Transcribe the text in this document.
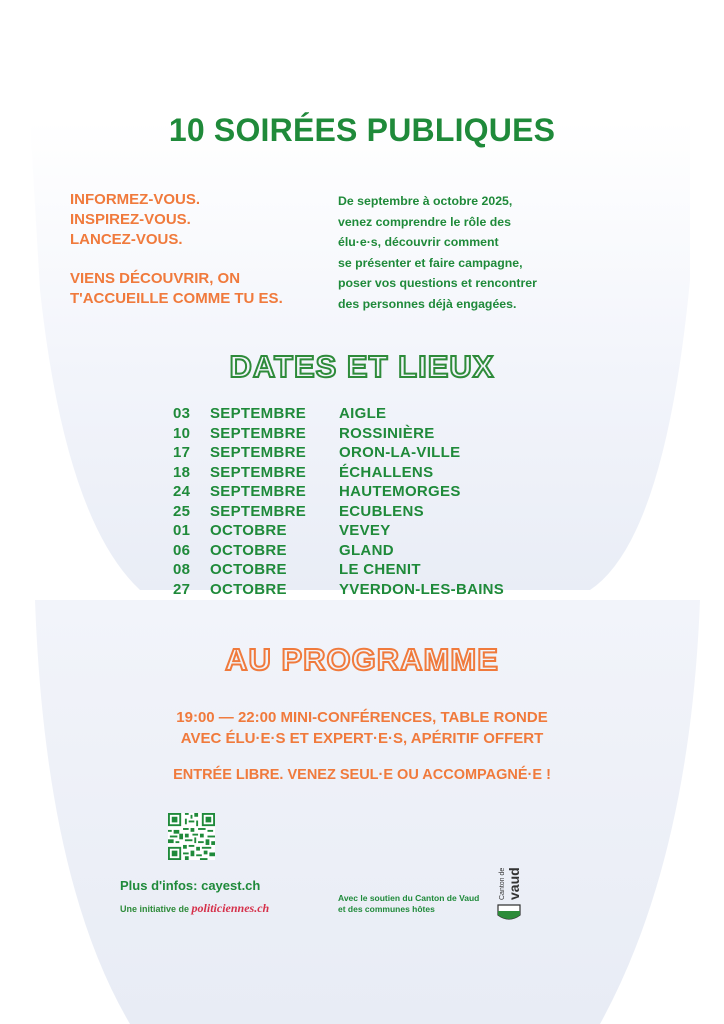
10 SOIRÉES PUBLIQUES
INFORMEZ-VOUS.
INSPIREZ-VOUS.
LANCEZ-VOUS.
VIENS DÉCOUVRIR, ON
T'ACCUEILLE COMME TU ES.
De septembre à octobre 2025,
venez comprendre le rôle des
élu·e·s, découvrir comment
se présenter et faire campagne,
poser vos questions et rencontrer
des personnes déjà engagées.
DATES ET LIEUX
03 SEPTEMBRE AIGLE
10 SEPTEMBRE ROSSINIÈRE
17 SEPTEMBRE ORON-LA-VILLE
18 SEPTEMBRE ÉCHALLENS
24 SEPTEMBRE HAUTEMORGES
25 SEPTEMBRE ECUBLENS
01 OCTOBRE	VEVEY
06 OCTOBRE	GLAND
08 OCTOBRE	LE CHENIT
27 OCTOBRE	YVERDON-LES-BAINS
AU PROGRAMME
19:00 — 22:00 MINI-CONFÉRENCES, TABLE RONDE
AVEC ÉLU·E·S ET EXPERT·E·S, APÉRITIF OFFERT
ENTRÉE LIBRE. VENEZ SEUL·E OU ACCOMPAGNÉ·E !
Plus d'infos: cayest.ch
Une initiative de politiciennes.ch
Avec le soutien du Canton de Vaud
et des communes hôtes
Canton de vaud
